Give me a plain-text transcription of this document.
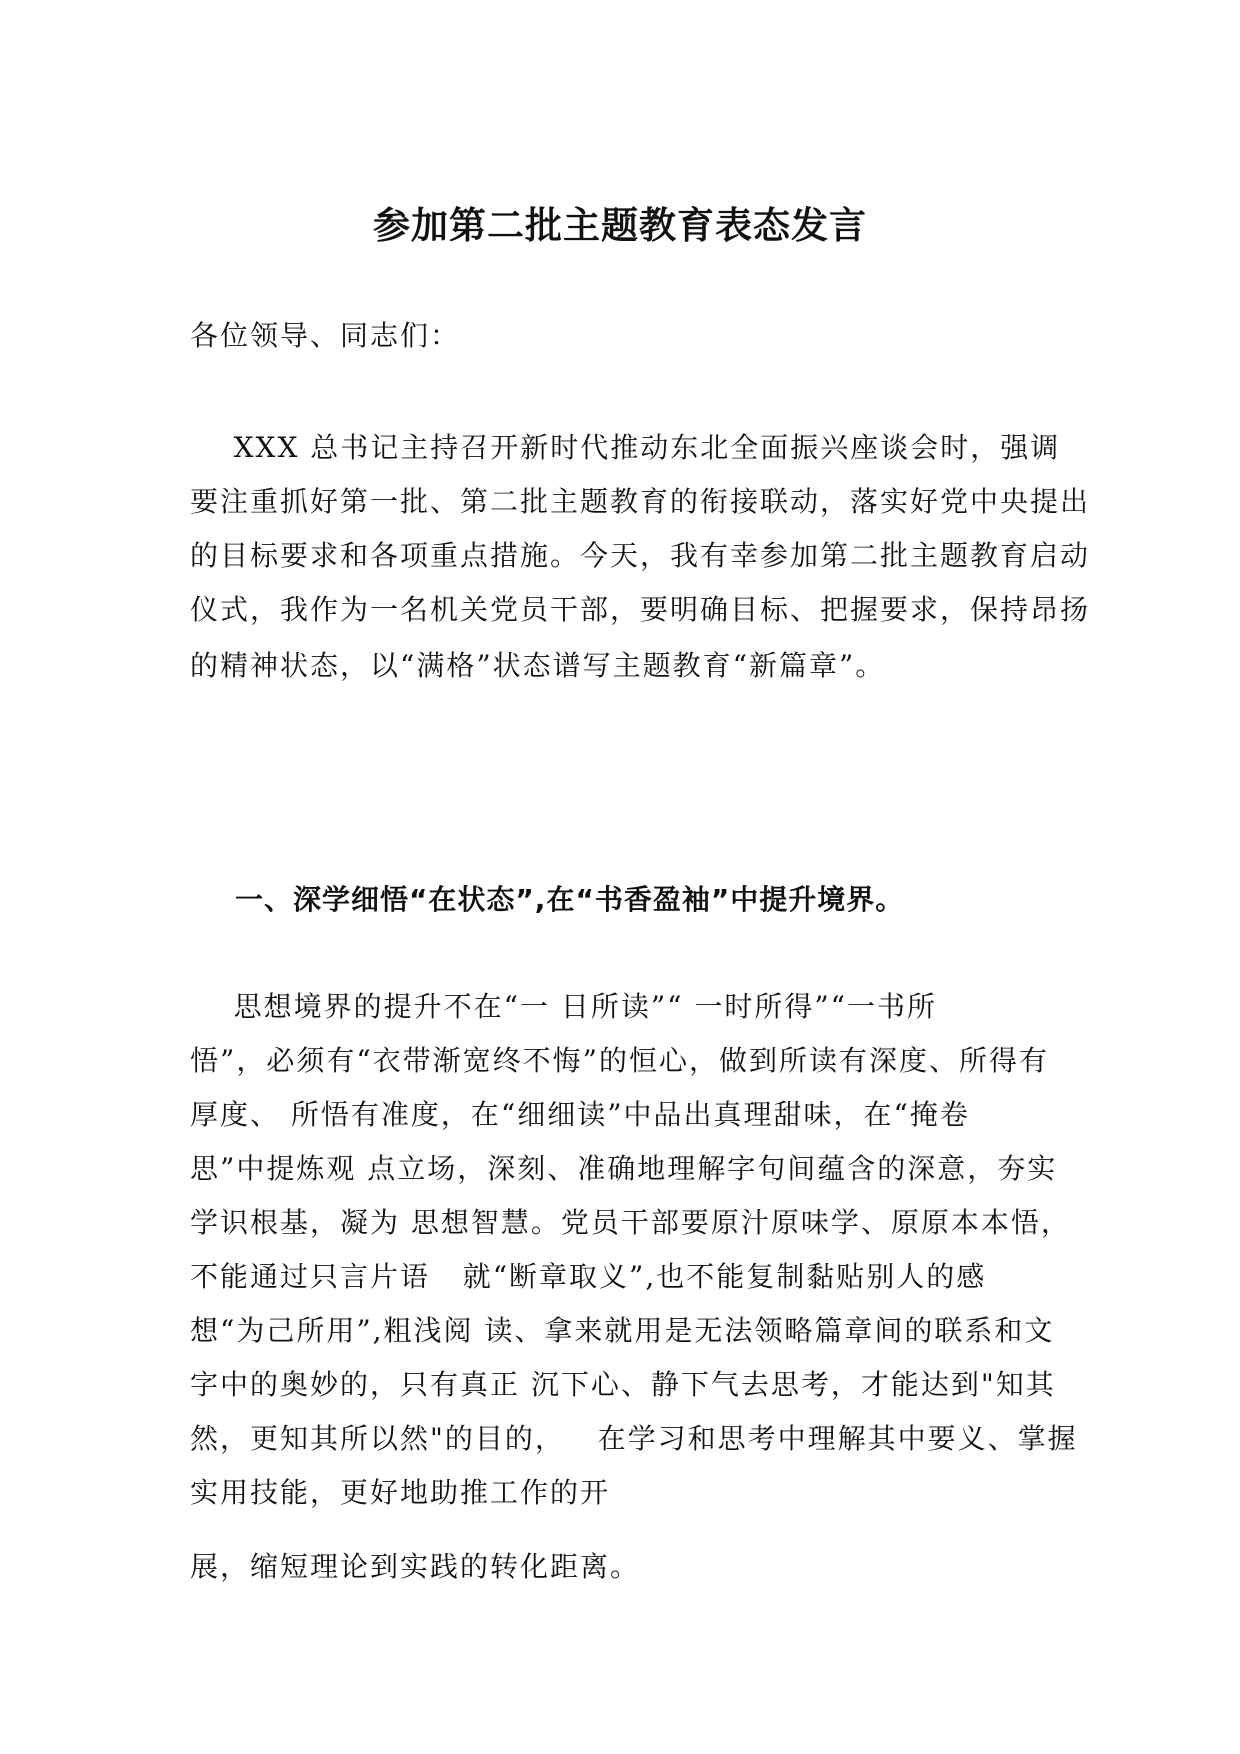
参加第二批主题教育表态发言

各位领导、同志们：

XXX 总书记主持召开新时代推动东北全面振兴座谈会时，强调

要注重抓好第一批、第二批主题教育的衔接联动，落实好党中央提出

的目标要求和各项重点措施。今天，我有幸参加第二批主题教育启动

仪式，我作为一名机关党员干部，要明确目标、把握要求，保持昂扬

的精神状态，以“满格”状态谱写主题教育“新篇章”。

一、深学细悟“在状态”,在“书香盈袖”中提升境界。

思想境界的提升不在“一 日所读”“ 一时所得”“一书所

悟”，必须有“衣带渐宽终不悔”的恒心，做到所读有深度、所得有

厚度、 所悟有准度，在“细细读”中品出真理甜味，在“掩卷

思”中提炼观 点立场，深刻、准确地理解字句间蕴含的深意，夯实

学识根基，凝为 思想智慧。党员干部要原汁原味学、原原本本悟，

不能通过只言片语   就“断章取义”,也不能复制黏贴别人的感

想“为己所用”,粗浅阅 读、拿来就用是无法领略篇章间的联系和文

字中的奥妙的，只有真正 沉下心、静下气去思考，才能达到"知其

然，更知其所以然"的目的，   在学习和思考中理解其中要义、掌握

实用技能，更好地助推工作的开

展，缩短理论到实践的转化距离。
